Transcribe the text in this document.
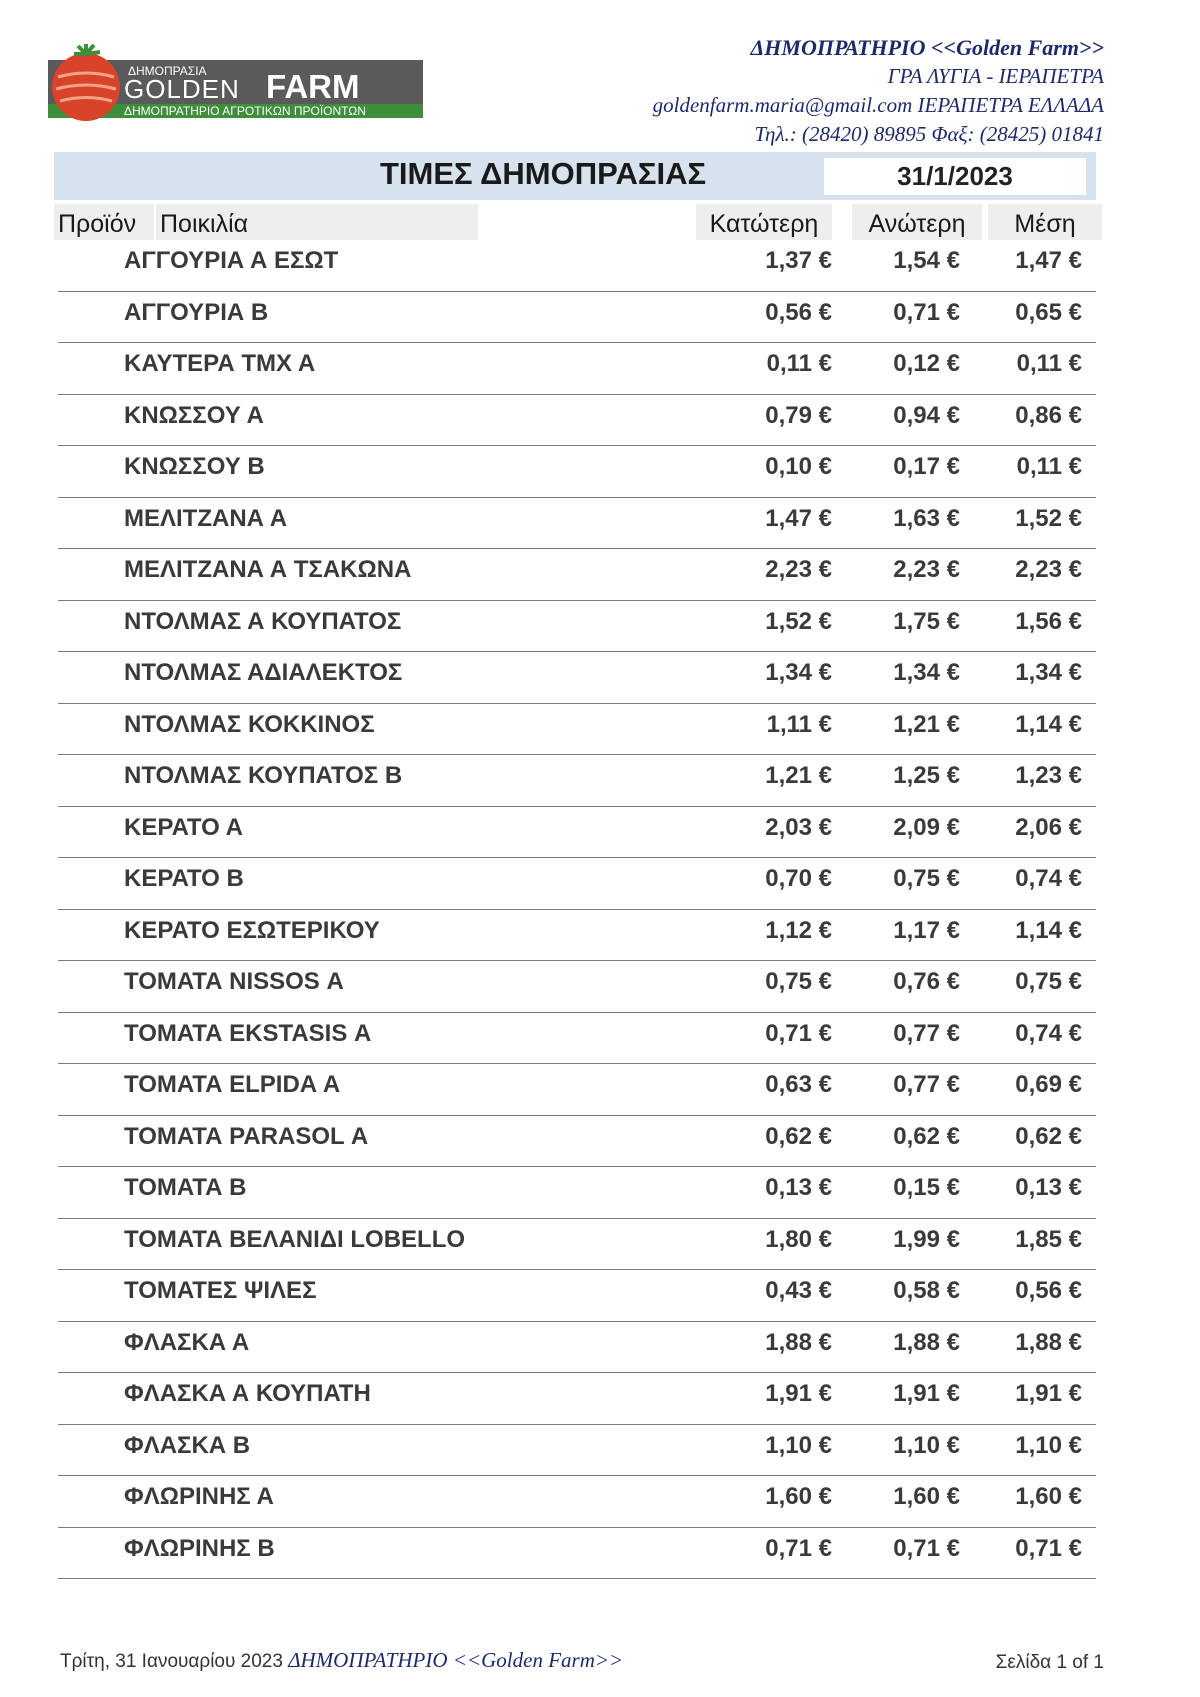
ΔΗΜΟΠΡΑΣΙΑ
GOLDEN FARM
ΔΗΜΟΠΡΑΤΗΡΙΟ ΑΓΡΟΤΙΚΩΝ ΠΡΟΪΟΝΤΩΝ
ΔΗΜΟΠΡΑΤΗΡΙΟ <<Golden Farm>>
ΓΡΑ ΛΥΓΙΑ - ΙΕΡΑΠΕΤΡΑ
goldenfarm.maria@gmail.com ΙΕΡΑΠΕΤΡΑ ΕΛΛΑΔΑ
Τηλ.: (28420) 89895 Φαξ: (28425) 01841
ΤΙΜΕΣ ΔΗΜΟΠΡΑΣΙΑΣ	31/1/2023
Προϊόν Ποικιλία	Κατώτερη	Ανώτερη	Μέση
ΑΓΓΟΥΡΙΑ Α ΕΣΩΤ	1,37 €	1,54 € 1,47 €
ΑΓΓΟΥΡΙΑ Β	0,56 €	0,71 € 0,65 €
ΚΑΥΤΕΡΑ ΤΜΧ Α	0,11 €	0,12 € 0,11 €
ΚΝΩΣΣΟΥ Α	0,79 €	0,94 € 0,86 €
ΚΝΩΣΣΟΥ Β	0,10 €	0,17 € 0,11 €
ΜΕΛΙΤΖΑΝΑ Α	1,47 €	1,63 € 1,52 €
ΜΕΛΙΤΖΑΝΑ Α ΤΣΑΚΩΝΑ	2,23 €	2,23 € 2,23 €
ΝΤΟΛΜΑΣ Α ΚΟΥΠΑΤΟΣ	1,52 €	1,75 € 1,56 €
ΝΤΟΛΜΑΣ ΑΔΙΑΛΕΚΤΟΣ	1,34 €	1,34 € 1,34 €
ΝΤΟΛΜΑΣ ΚΟΚΚΙΝΟΣ	1,11 €	1,21 € 1,14 €
ΝΤΟΛΜΑΣ ΚΟΥΠΑΤΟΣ Β	1,21 €	1,25 € 1,23 €
ΚΕΡΑΤΟ Α	2,03 €	2,09 € 2,06 €
ΚΕΡΑΤΟ Β	0,70 €	0,75 € 0,74 €
ΚΕΡΑΤΟ ΕΣΩΤΕΡΙΚΟΥ	1,12 €	1,17 € 1,14 €
ΤΟΜΑΤΑ NISSOS Α	0,75 €	0,76 € 0,75 €
ΤΟΜΑΤΑ EKSTASIS Α	0,71 €	0,77 € 0,74 €
ΤΟΜΑΤΑ ELPIDA Α	0,63 €	0,77 € 0,69 €
ΤΟΜΑΤΑ PARASOL Α	0,62 €	0,62 € 0,62 €
ΤΟΜΑΤΑ Β	0,13 €	0,15 € 0,13 €
ΤΟΜΑΤΑ ΒΕΛΑΝΙΔΙ LOBELLO	1,80 €	1,99 € 1,85 €
ΤΟΜΑΤΕΣ ΨΙΛΕΣ	0,43 €	0,58 € 0,56 €
ΦΛΑΣΚΑ Α	1,88 €	1,88 € 1,88 €
ΦΛΑΣΚΑ Α ΚΟΥΠΑΤΗ	1,91 €	1,91 € 1,91 €
ΦΛΑΣΚΑ Β	1,10 €	1,10 € 1,10 €
ΦΛΩΡΙΝΗΣ Α	1,60 €	1,60 € 1,60 €
ΦΛΩΡΙΝΗΣ Β	0,71 €	0,71 € 0,71 €
Τρίτη, 31 Ιανουαρίου 2023 ΔΗΜΟΠΡΑΤΗΡΙΟ <<Golden Farm>>	Σελίδα 1 of 1
